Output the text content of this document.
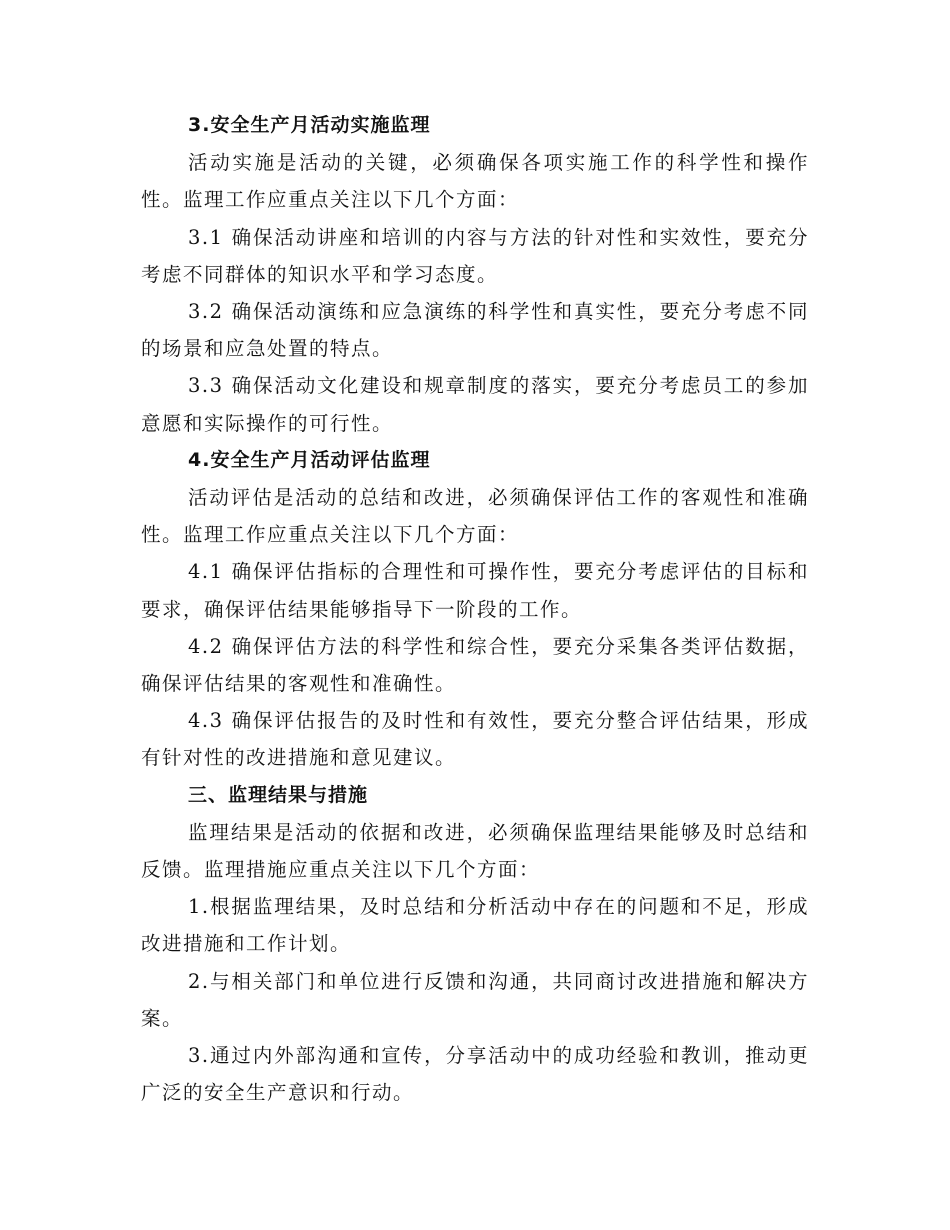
3.安全生产月活动实施监理

活动实施是活动的关键，必须确保各项实施工作的科学性和操作性。监理工作应重点关注以下几个方面：

3.1 确保活动讲座和培训的内容与方法的针对性和实效性，要充分考虑不同群体的知识水平和学习态度。

3.2 确保活动演练和应急演练的科学性和真实性，要充分考虑不同的场景和应急处置的特点。

3.3 确保活动文化建设和规章制度的落实，要充分考虑员工的参加意愿和实际操作的可行性。

4.安全生产月活动评估监理

活动评估是活动的总结和改进，必须确保评估工作的客观性和准确性。监理工作应重点关注以下几个方面：

4.1 确保评估指标的合理性和可操作性，要充分考虑评估的目标和要求，确保评估结果能够指导下一阶段的工作。

4.2 确保评估方法的科学性和综合性，要充分采集各类评估数据，确保评估结果的客观性和准确性。

4.3 确保评估报告的及时性和有效性，要充分整合评估结果，形成有针对性的改进措施和意见建议。

三、监理结果与措施

监理结果是活动的依据和改进，必须确保监理结果能够及时总结和反馈。监理措施应重点关注以下几个方面：

1.根据监理结果，及时总结和分析活动中存在的问题和不足，形成改进措施和工作计划。

2.与相关部门和单位进行反馈和沟通，共同商讨改进措施和解决方案。

3.通过内外部沟通和宣传，分享活动中的成功经验和教训，推动更广泛的安全生产意识和行动。
